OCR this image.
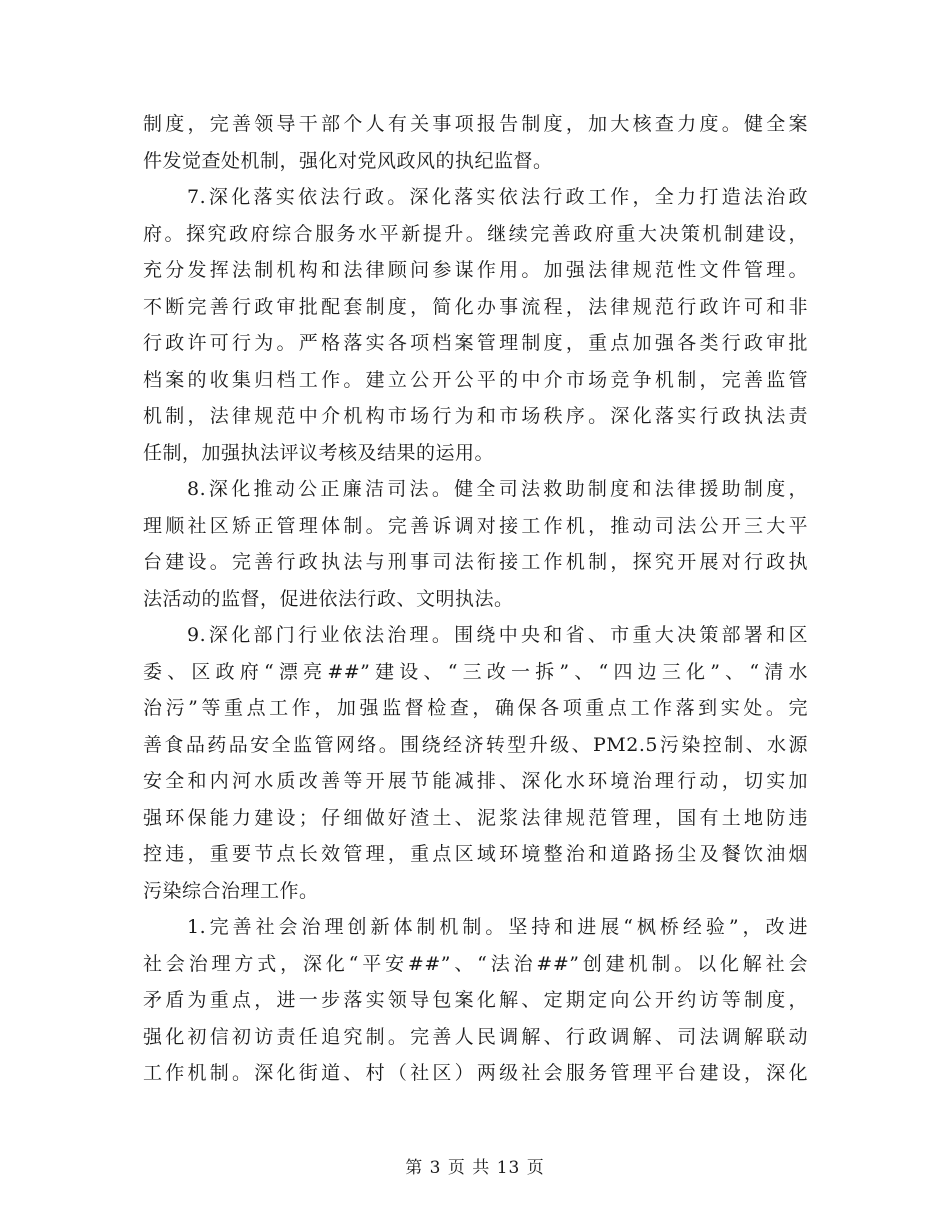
制度，完善领导干部个人有关事项报告制度，加大核查力度。健全案
件发觉查处机制，强化对党风政风的执纪监督。
7.深化落实依法行政。深化落实依法行政工作，全力打造法治政
府。探究政府综合服务水平新提升。继续完善政府重大决策机制建设，
充分发挥法制机构和法律顾问参谋作用。加强法律规范性文件管理。
不断完善行政审批配套制度，简化办事流程，法律规范行政许可和非
行政许可行为。严格落实各项档案管理制度，重点加强各类行政审批
档案的收集归档工作。建立公开公平的中介市场竞争机制，完善监管
机制，法律规范中介机构市场行为和市场秩序。深化落实行政执法责
任制，加强执法评议考核及结果的运用。
8.深化推动公正廉洁司法。健全司法救助制度和法律援助制度，
理顺社区矫正管理体制。完善诉调对接工作机，推动司法公开三大平
台建设。完善行政执法与刑事司法衔接工作机制，探究开展对行政执
法活动的监督，促进依法行政、文明执法。
9.深化部门行业依法治理。围绕中央和省、市重大决策部署和区
委、区政府“漂亮##”建设、“三改一拆”、“四边三化”、“清水
治污”等重点工作，加强监督检查，确保各项重点工作落到实处。完
善食品药品安全监管网络。围绕经济转型升级、PM2.5污染控制、水源
安全和内河水质改善等开展节能减排、深化水环境治理行动，切实加
强环保能力建设；仔细做好渣土、泥浆法律规范管理，国有土地防违
控违，重要节点长效管理，重点区域环境整治和道路扬尘及餐饮油烟
污染综合治理工作。
1.完善社会治理创新体制机制。坚持和进展“枫桥经验”，改进
社会治理方式，深化“平安##”、“法治##”创建机制。以化解社会
矛盾为重点，进一步落实领导包案化解、定期定向公开约访等制度，
强化初信初访责任追究制。完善人民调解、行政调解、司法调解联动
工作机制。深化街道、村（社区）两级社会服务管理平台建设，深化
第 3 页 共 13 页
